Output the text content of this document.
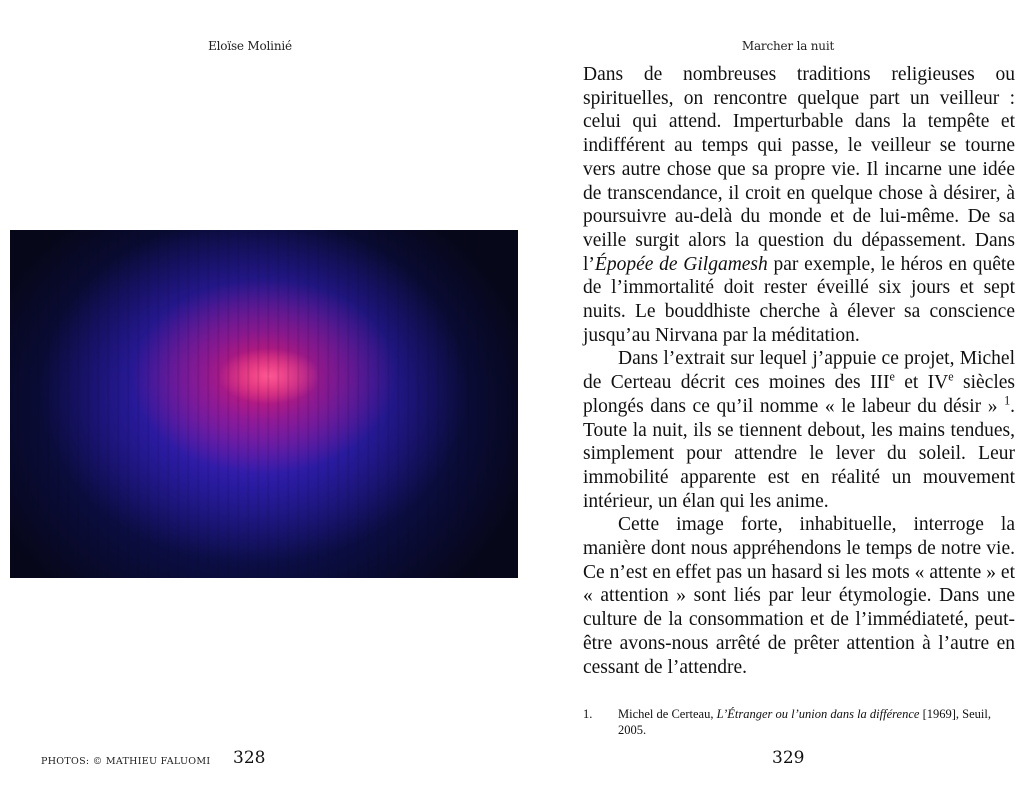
Eloïse Molinié
PHOTOS: © MATHIEU FALUOMI 328
Marcher la nuit

Dans de nombreuses traditions religieuses ou spirituelles, on rencontre quelque part un veilleur : celui qui attend. Imperturbable dans la tempête et indifférent au temps qui passe, le veilleur se tourne vers autre chose que sa propre vie. Il incarne une idée de transcendance, il croit en quelque chose à désirer, à poursuivre au-delà du monde et de lui-même. De sa veille surgit alors la question du dépassement. Dans l’Épopée de Gilgamesh par exemple, le héros en quête de l’immortalité doit rester éveillé six jours et sept nuits. Le bouddhiste cherche à élever sa conscience jusqu’au Nirvana par la méditation.

Dans l’extrait sur lequel j’appuie ce projet, Michel de Certeau décrit ces moines des IIIe et IVe siècles plongés dans ce qu’il nomme « le labeur du désir » $^1$. Toute la nuit, ils se tiennent debout, les mains tendues, simplement pour attendre le lever du soleil. Leur immobilité apparente est en réalité un mouvement intérieur, un élan qui les anime.

Cette image forte, inhabituelle, interroge la manière dont nous appréhendons le temps de notre vie. Ce n’est en effet pas un hasard si les mots « attente » et « attention » sont liés par leur étymologie. Dans une culture de la consommation et de l’immédiateté, peut-être avons-nous arrêté de prêter attention à l’autre en cessant de l’attendre.

1. Michel de Certeau, L’Étranger ou l’union dans la différence [1969], Seuil, 2005.
329
